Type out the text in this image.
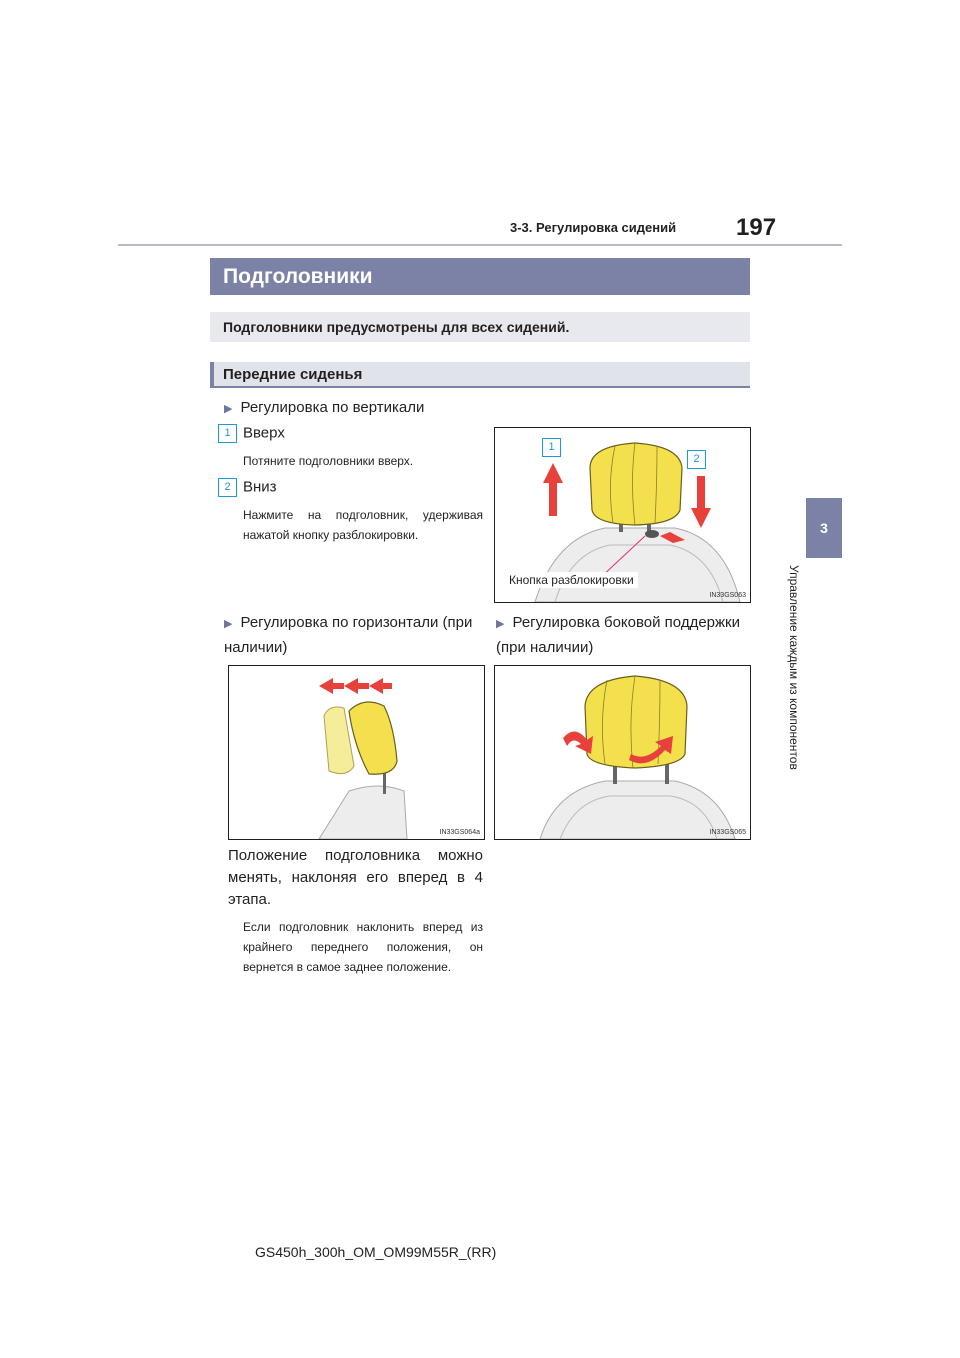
3-3. Регулировка сидений 197
3
Управление каждым из компонентов
Подголовники
Подголовники предусмотрены для всех сидений.
Передние сиденья
▶ Регулировка по вертикали
1 Вверх
Потяните подголовники вверх.
2 Вниз
Нажмите на подголовник, удерживая нажатой кнопку разблокировки.
1
2
Кнопка разблокировки
IN33GS063
▶ Регулировка по горизонтали (при наличии)
▶ Регулировка боковой поддержки (при наличии)
IN33GS064a	IN33GS065
Положение подголовника можно менять, наклоняя его вперед в 4 этапа.
Если подголовник наклонить вперед из крайнего переднего положения, он вернется в самое заднее положение.
GS450h_300h_OM_OM99M55R_(RR)
